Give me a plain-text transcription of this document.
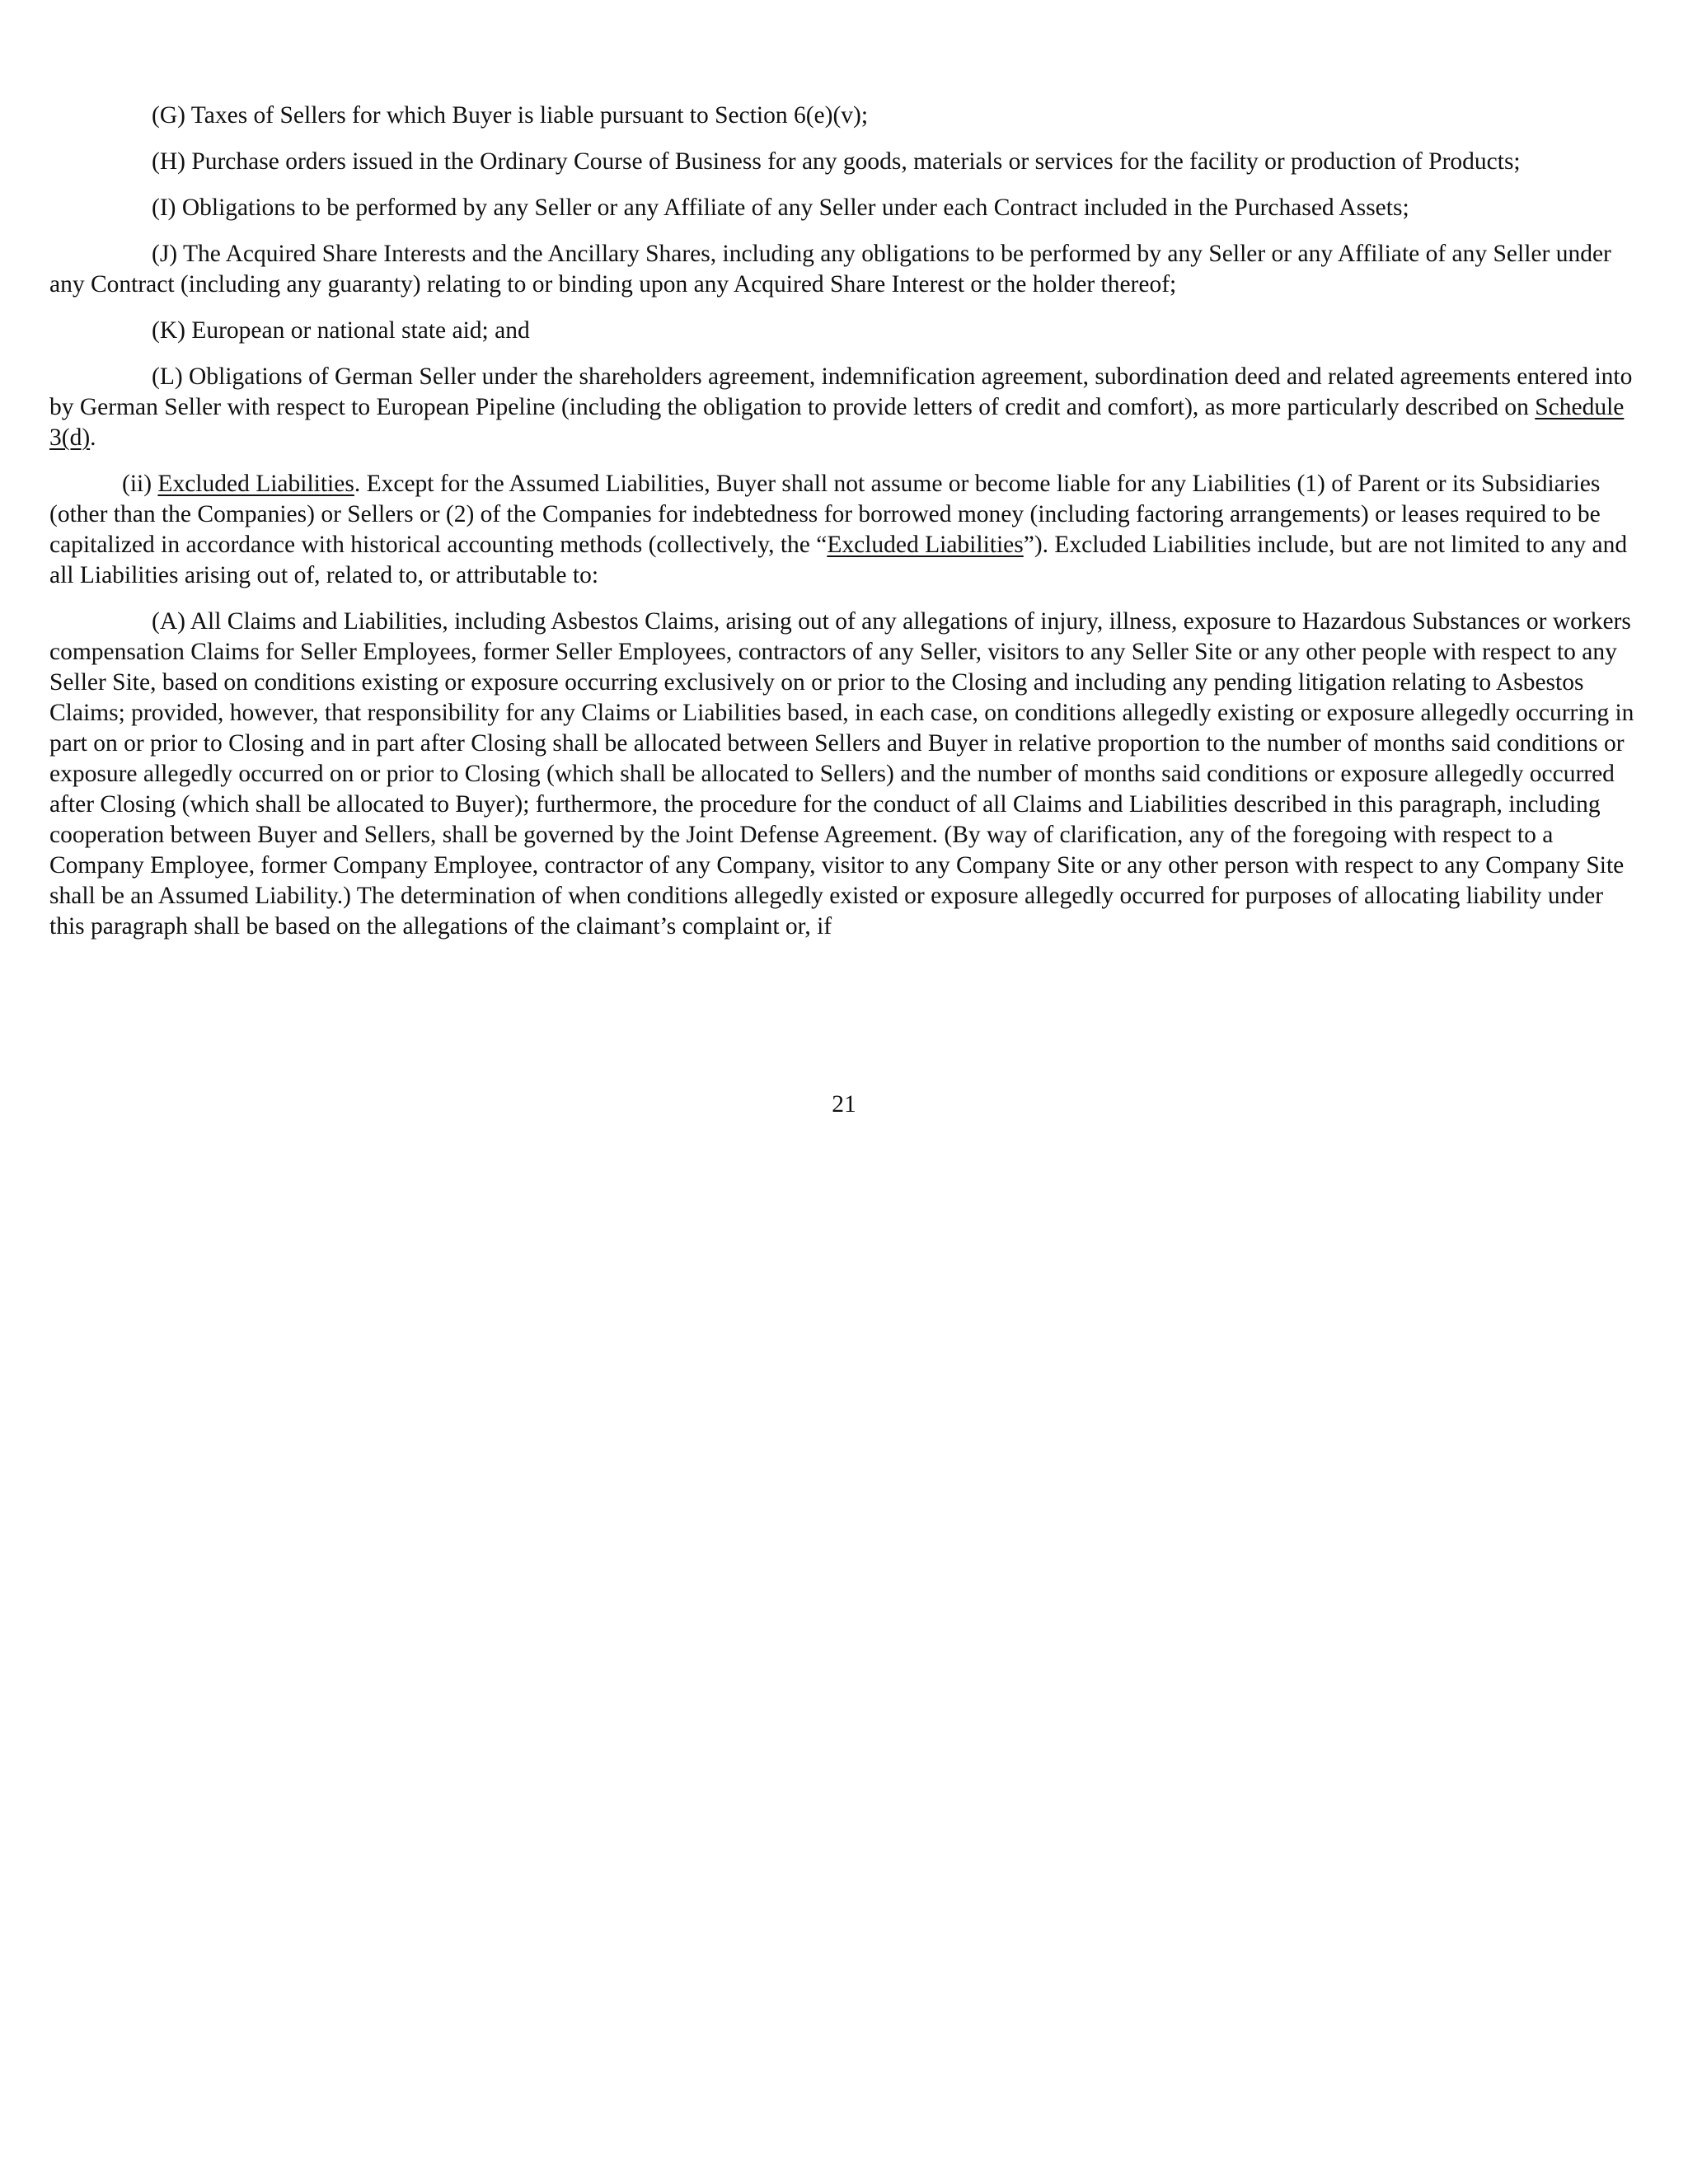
(G) Taxes of Sellers for which Buyer is liable pursuant to Section 6(e)(v);

(H) Purchase orders issued in the Ordinary Course of Business for any goods, materials or services for the facility or production of Products;

(I) Obligations to be performed by any Seller or any Affiliate of any Seller under each Contract included in the Purchased Assets;

(J) The Acquired Share Interests and the Ancillary Shares, including any obligations to be performed by any Seller or any Affiliate of any Seller under any Contract (including any guaranty) relating to or binding upon any Acquired Share Interest or the holder thereof;

(K) European or national state aid; and

(L) Obligations of German Seller under the shareholders agreement, indemnification agreement, subordination deed and related agreements entered into by German Seller with respect to European Pipeline (including the obligation to provide letters of credit and comfort), as more particularly described on Schedule 3(d).

(ii) Excluded Liabilities. Except for the Assumed Liabilities, Buyer shall not assume or become liable for any Liabilities (1) of Parent or its Subsidiaries (other than the Companies) or Sellers or (2) of the Companies for indebtedness for borrowed money (including factoring arrangements) or leases required to be capitalized in accordance with historical accounting methods (collectively, the “Excluded Liabilities”). Excluded Liabilities include, but are not limited to any and all Liabilities arising out of, related to, or attributable to:

(A) All Claims and Liabilities, including Asbestos Claims, arising out of any allegations of injury, illness, exposure to Hazardous Substances or workers compensation Claims for Seller Employees, former Seller Employees, contractors of any Seller, visitors to any Seller Site or any other people with respect to any Seller Site, based on conditions existing or exposure occurring exclusively on or prior to the Closing and including any pending litigation relating to Asbestos Claims; provided, however, that responsibility for any Claims or Liabilities based, in each case, on conditions allegedly existing or exposure allegedly occurring in part on or prior to Closing and in part after Closing shall be allocated between Sellers and Buyer in relative proportion to the number of months said conditions or exposure allegedly occurred on or prior to Closing (which shall be allocated to Sellers) and the number of months said conditions or exposure allegedly occurred after Closing (which shall be allocated to Buyer); furthermore, the procedure for the conduct of all Claims and Liabilities described in this paragraph, including cooperation between Buyer and Sellers, shall be governed by the Joint Defense Agreement. (By way of clarification, any of the foregoing with respect to a Company Employee, former Company Employee, contractor of any Company, visitor to any Company Site or any other person with respect to any Company Site shall be an Assumed Liability.) The determination of when conditions allegedly existed or exposure allegedly occurred for purposes of allocating liability under this paragraph shall be based on the allegations of the claimant’s complaint or, if

21
